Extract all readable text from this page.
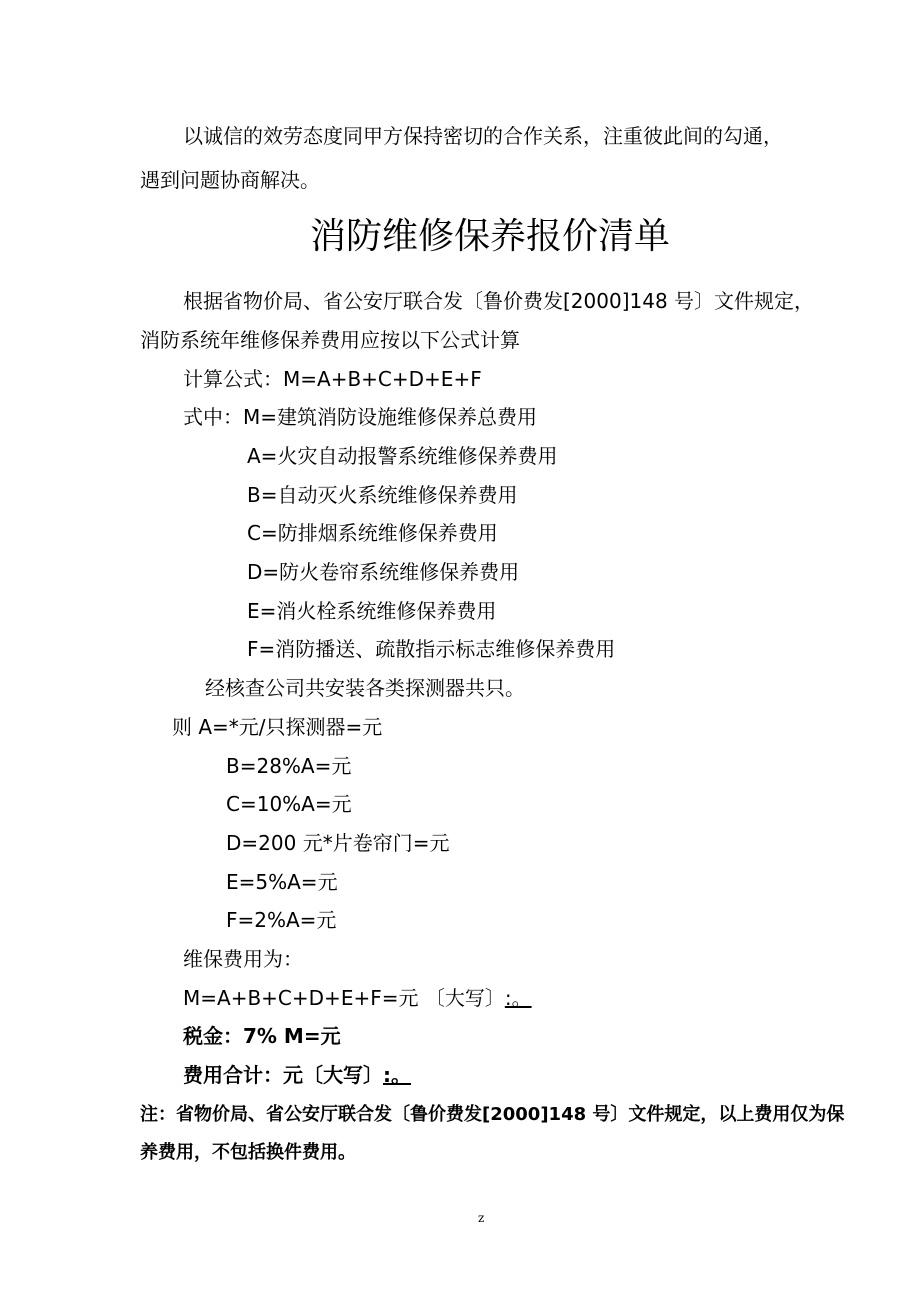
以诚信的效劳态度同甲方保持密切的合作关系，注重彼此间的勾通，

遇到问题协商解决。

消防维修保养报价清单

根据省物价局、省公安厅联合发〔鲁价费发[2000]148 号〕文件规定，

消防系统年维修保养费用应按以下公式计算

计算公式：M=A+B+C+D+E+F

式中：M=建筑消防设施维修保养总费用

A=火灾自动报警系统维修保养费用

B=自动灭火系统维修保养费用

C=防排烟系统维修保养费用

D=防火卷帘系统维修保养费用

E=消火栓系统维修保养费用

F=消防播送、疏散指示标志维修保养费用

经核查公司共安装各类探测器共只。

则 A=*元/只探测器=元

B=28%A=元

C=10%A=元

D=200 元*片卷帘门=元

E=5%A=元

F=2%A=元

维保费用为：

M=A+B+C+D+E+F=元 〔大写〕:。

税金：7% M=元

费用合计：元〔大写〕:。

注：省物价局、省公安厅联合发〔鲁价费发[2000]148 号〕文件规定，以上费用仅为保

养费用，不包括换件费用。

z
